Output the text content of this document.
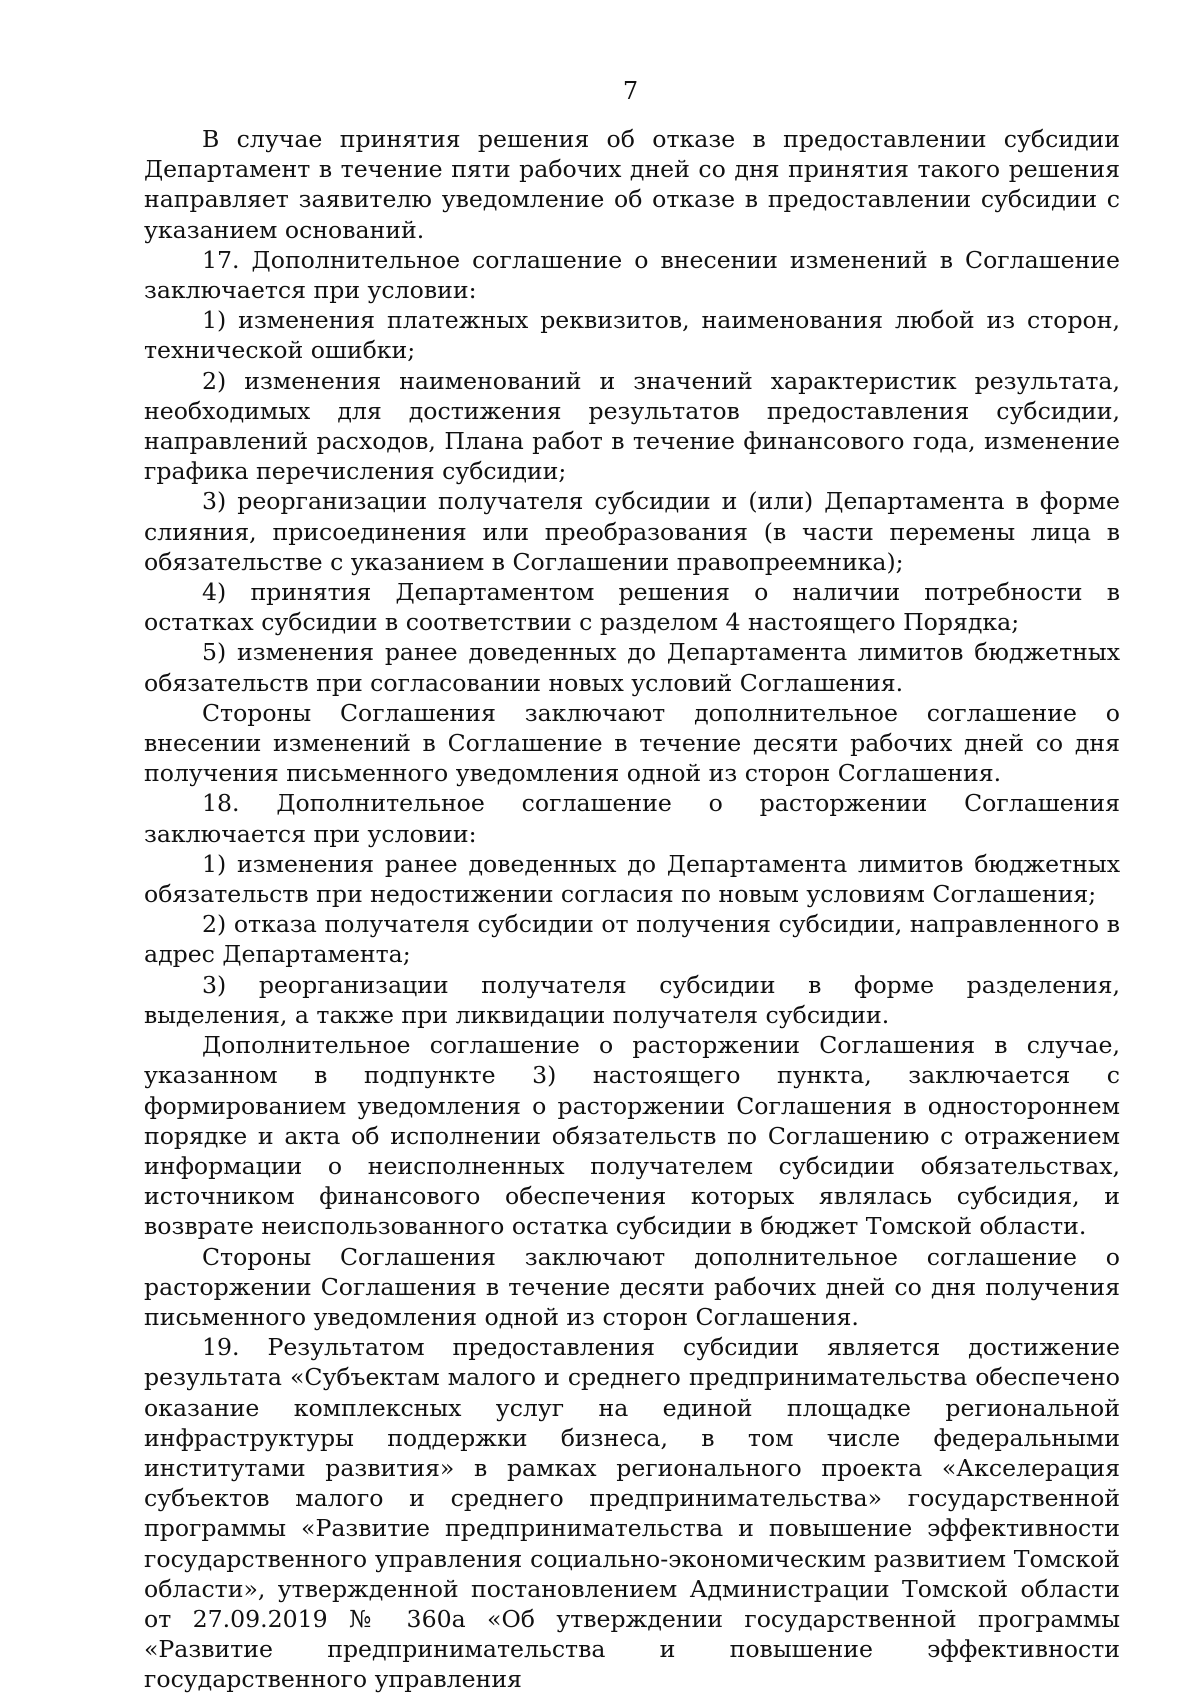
7

В случае принятия решения об отказе в предоставлении субсидии Департамент в течение пяти рабочих дней со дня принятия такого решения направляет заявителю уведомление об отказе в предоставлении субсидии с указанием оснований.

17. Дополнительное соглашение о внесении изменений в Соглашение заключается при условии:

1) изменения платежных реквизитов, наименования любой из сторон, технической ошибки;

2) изменения наименований и значений характеристик результата, необходимых для достижения результатов предоставления субсидии, направлений расходов, Плана работ в течение финансового года, изменение графика перечисления субсидии;

3) реорганизации получателя субсидии и (или) Департамента в форме слияния, присоединения или преобразования (в части перемены лица в обязательстве с указанием в Соглашении правопреемника);

4) принятия Департаментом решения о наличии потребности в остатках субсидии в соответствии с разделом 4 настоящего Порядка;

5) изменения ранее доведенных до Департамента лимитов бюджетных обязательств при согласовании новых условий Соглашения.

Стороны Соглашения заключают дополнительное соглашение о внесении изменений в Соглашение в течение десяти рабочих дней со дня получения письменного уведомления одной из сторон Соглашения.

18. Дополнительное соглашение о расторжении Соглашения заключается при условии:

1) изменения ранее доведенных до Департамента лимитов бюджетных обязательств при недостижении согласия по новым условиям Соглашения;

2) отказа получателя субсидии от получения субсидии, направленного в адрес Департамента;

3) реорганизации получателя субсидии в форме разделения, выделения, а также при ликвидации получателя субсидии.

Дополнительное соглашение о расторжении Соглашения в случае, указанном в подпункте 3) настоящего пункта, заключается с формированием уведомления о расторжении Соглашения в одностороннем порядке и акта об исполнении обязательств по Соглашению с отражением информации о неисполненных получателем субсидии обязательствах, источником финансового обеспечения которых являлась субсидия, и возврате неиспользованного остатка субсидии в бюджет Томской области.

Стороны Соглашения заключают дополнительное соглашение о расторжении Соглашения в течение десяти рабочих дней со дня получения письменного уведомления одной из сторон Соглашения.

19. Результатом предоставления субсидии является достижение результата «Субъектам малого и среднего предпринимательства обеспечено оказание комплексных услуг на единой площадке региональной инфраструктуры поддержки бизнеса, в том числе федеральными институтами развития» в рамках регионального проекта «Акселерация субъектов малого и среднего предпринимательства» государственной программы «Развитие предпринимательства и повышение эффективности государственного управления социально-экономическим развитием Томской области», утвержденной постановлением Администрации Томской области от 27.09.2019 № 360а «Об утверждении государственной программы «Развитие предпринимательства и повышение эффективности государственного управления
